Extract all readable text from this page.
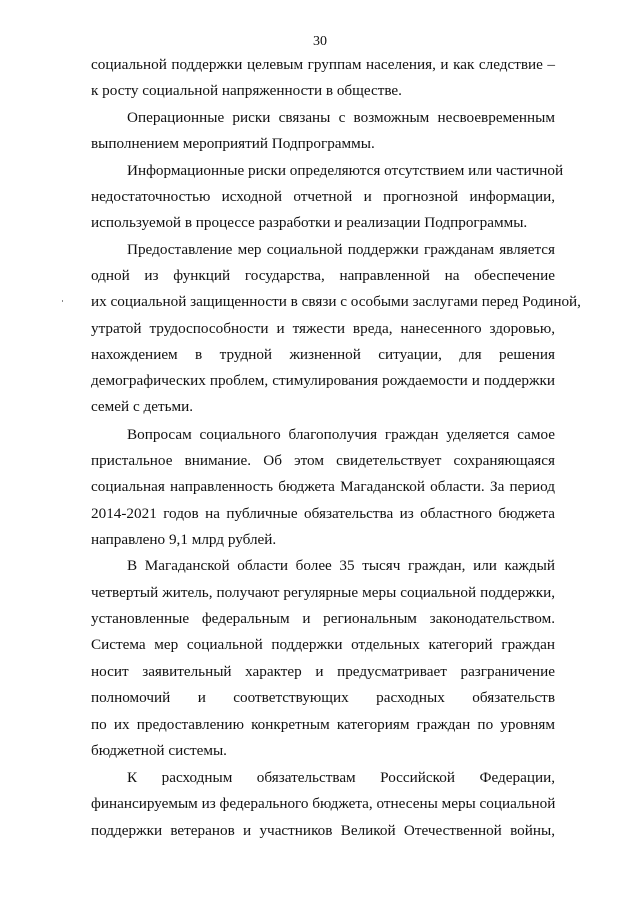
30
социальной поддержки целевым группам населения, и как следствие –
к росту социальной напряженности в обществе.
Операционные риски связаны с возможным несвоевременным
выполнением мероприятий Подпрограммы.
Информационные риски определяются отсутствием или частичной
недостаточностью исходной отчетной и прогнозной информации,
используемой в процессе разработки и реализации Подпрограммы.
Предоставление мер социальной поддержки гражданам является
одной из функций государства, направленной на обеспечение
их социальной защищенности в связи с особыми заслугами перед Родиной,
утратой трудоспособности и тяжести вреда, нанесенного здоровью,
нахождением в трудной жизненной ситуации, для решения
демографических проблем, стимулирования рождаемости и поддержки
семей с детьми.
Вопросам социального благополучия граждан уделяется самое
пристальное внимание. Об этом свидетельствует сохраняющаяся
социальная направленность бюджета Магаданской области. За период
2014-2021 годов на публичные обязательства из областного бюджета
направлено 9,1 млрд рублей.
В Магаданской области более 35 тысяч граждан, или каждый
четвертый житель, получают регулярные меры социальной поддержки,
установленные федеральным и региональным законодательством.
Система мер социальной поддержки отдельных категорий граждан
носит заявительный характер и предусматривает разграничение
полномочий и соответствующих расходных обязательств
по их предоставлению конкретным категориям граждан по уровням
бюджетной системы.
К расходным обязательствам Российской Федерации,
финансируемым из федерального бюджета, отнесены меры социальной
поддержки ветеранов и участников Великой Отечественной войны,
